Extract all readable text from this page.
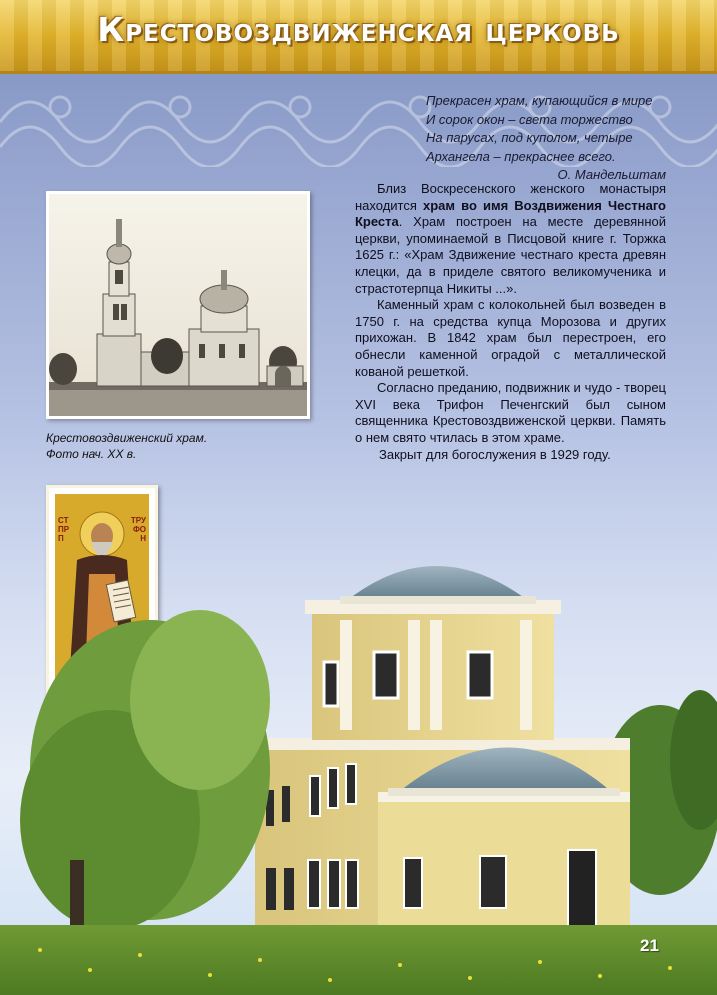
Крестовоздвиженская церковь
Прекрасен храм, купающийся в мире
И сорок окон – света торжество
На парусах, под куполом, четыре
Архангела – прекраснее всего.
О. Мандельштам
Крестовоздвиженский храм.
Фото нач. XX в.

Близ Воскресенского женского монастыря находится храм во имя Воздвижения Честнаго Креста. Храм построен на месте деревянной церкви, упоминаемой в Писцовой книге г. Торжка 1625 г.: «Храм Здвижение честнаго креста древян клецки, да в приделе святого великомученика и страстотерпца Никиты ...».

Каменный храм с колокольней был возведен в 1750 г. на средства купца Морозова и других прихожан. В 1842 храм был перестроен, его обнесли каменной оградой с металлической кованой решеткой.

Согласно преданию, подвижник и чудо - творец XVI века Трифон Печенгский был сыном священника Крестовоздвиженской церкви. Память о нем свято чтилась в этом храме.

Закрыт для богослужения в 1929 году.

СТ ПРП
ТРУ ФОН
21
